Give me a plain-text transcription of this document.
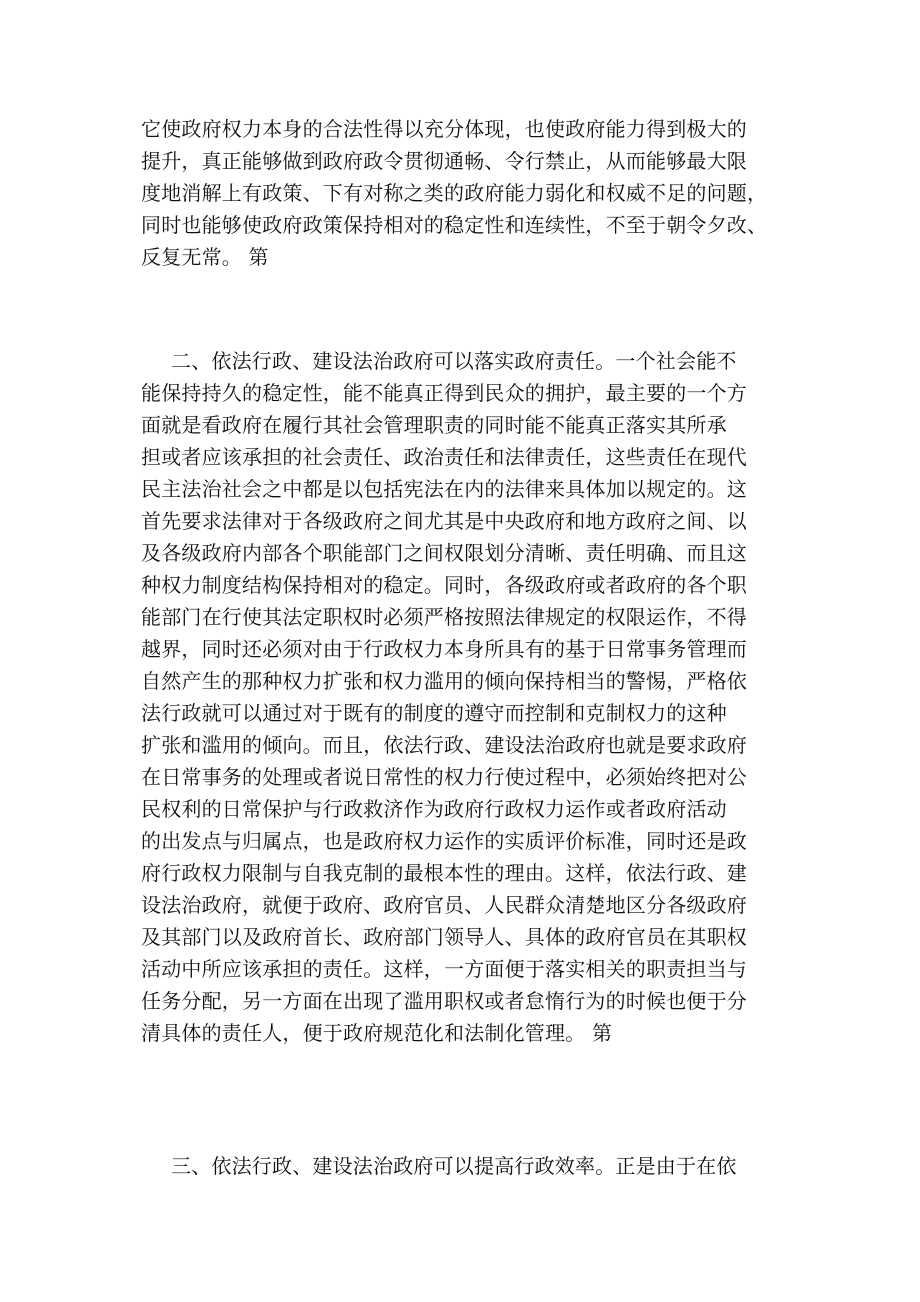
它使政府权力本身的合法性得以充分体现，也使政府能力得到极大的
提升，真正能够做到政府政令贯彻通畅、令行禁止，从而能够最大限
度地消解上有政策、下有对称之类的政府能力弱化和权威不足的问题，
同时也能够使政府政策保持相对的稳定性和连续性，不至于朝令夕改、
反复无常。 第
二、依法行政、建设法治政府可以落实政府责任。一个社会能不
能保持持久的稳定性，能不能真正得到民众的拥护，最主要的一个方
面就是看政府在履行其社会管理职责的同时能不能真正落实其所承
担或者应该承担的社会责任、政治责任和法律责任，这些责任在现代
民主法治社会之中都是以包括宪法在内的法律来具体加以规定的。这
首先要求法律对于各级政府之间尤其是中央政府和地方政府之间、以
及各级政府内部各个职能部门之间权限划分清晰、责任明确、而且这
种权力制度结构保持相对的稳定。同时，各级政府或者政府的各个职
能部门在行使其法定职权时必须严格按照法律规定的权限运作，不得
越界，同时还必须对由于行政权力本身所具有的基于日常事务管理而
自然产生的那种权力扩张和权力滥用的倾向保持相当的警惕，严格依
法行政就可以通过对于既有的制度的遵守而控制和克制权力的这种
扩张和滥用的倾向。而且，依法行政、建设法治政府也就是要求政府
在日常事务的处理或者说日常性的权力行使过程中，必须始终把对公
民权利的日常保护与行政救济作为政府行政权力运作或者政府活动
的出发点与归属点，也是政府权力运作的实质评价标准，同时还是政
府行政权力限制与自我克制的最根本性的理由。这样，依法行政、建
设法治政府，就便于政府、政府官员、人民群众清楚地区分各级政府
及其部门以及政府首长、政府部门领导人、具体的政府官员在其职权
活动中所应该承担的责任。这样，一方面便于落实相关的职责担当与
任务分配，另一方面在出现了滥用职权或者怠惰行为的时候也便于分
清具体的责任人，便于政府规范化和法制化管理。 第
三、依法行政、建设法治政府可以提高行政效率。正是由于在依
